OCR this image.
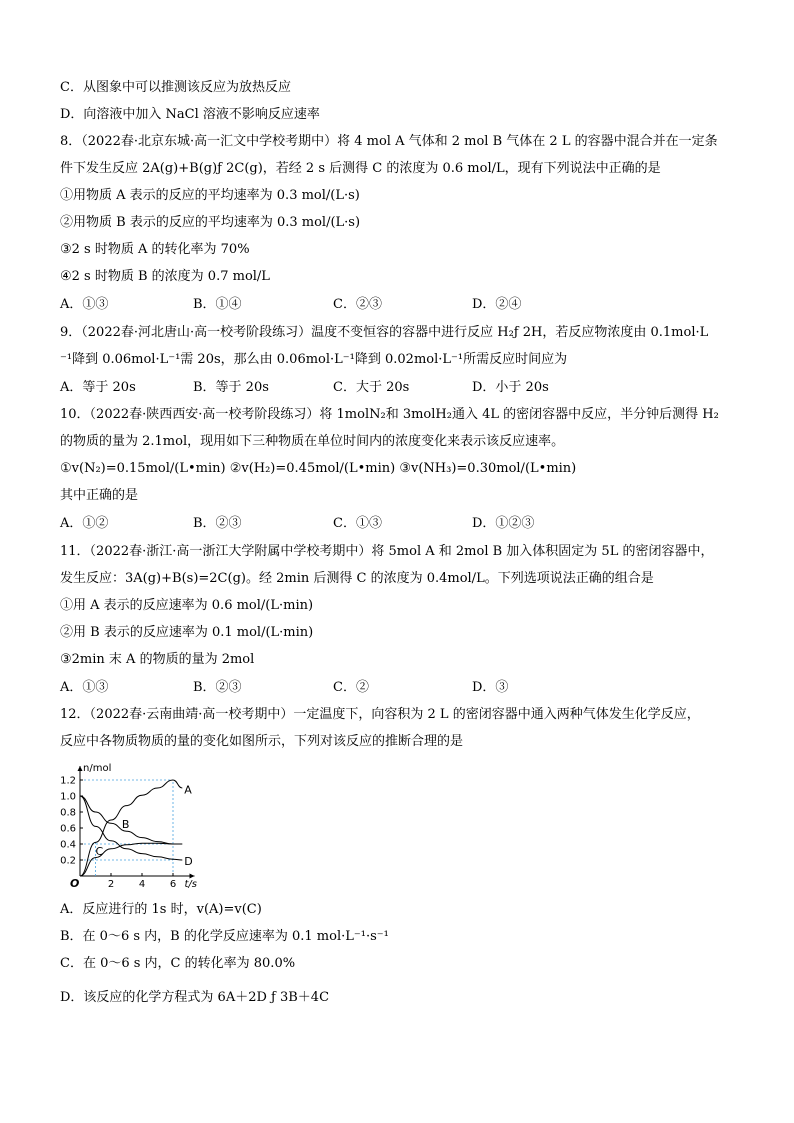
C．从图象中可以推测该反应为放热反应
D．向溶液中加入 NaCl 溶液不影响反应速率
8．（2022春·北京东城·高一汇文中学校考期中）将 4 mol A 气体和 2 mol B 气体在 2 L 的容器中混合并在一定条
件下发生反应 2A(g)+B(g)ƒ 2C(g)，若经 2 s 后测得 C 的浓度为 0.6 mol/L，现有下列说法中正确的是
①用物质 A 表示的反应的平均速率为 0.3 mol/(L·s)
②用物质 B 表示的反应的平均速率为 0.3 mol/(L·s)
③2 s 时物质 A 的转化率为 70%
④2 s 时物质 B 的浓度为 0.7 mol/L
9．（2022春·河北唐山·高一校考阶段练习）温度不变恒容的容器中进行反应 H₂ƒ 2H，若反应物浓度由 0.1mol·L
⁻¹降到 0.06mol·L⁻¹需 20s，那么由 0.06mol·L⁻¹降到 0.02mol·L⁻¹所需反应时间应为
10．（2022春·陕西西安·高一校考阶段练习）将 1molN₂和 3molH₂通入 4L 的密闭容器中反应，半分钟后测得 H₂
的物质的量为 2.1mol，现用如下三种物质在单位时间内的浓度变化来表示该反应速率。
①v(N₂)=0.15mol/(L•min) ②v(H₂)=0.45mol/(L•min) ③v(NH₃)=0.30mol/(L•min)
其中正确的是
11．（2022春·浙江·高一浙江大学附属中学校考期中）将 5mol A 和 2mol B 加入体积固定为 5L 的密闭容器中，
发生反应：3A(g)+B(s)=2C(g)。经 2min 后测得 C 的浓度为 0.4mol/L。下列选项说法正确的组合是
①用 A 表示的反应速率为 0.6 mol/(L·min)
②用 B 表示的反应速率为 0.1 mol/(L·min)
③2min 末 A 的物质的量为 2mol
12．（2022春·云南曲靖·高一校考期中）一定温度下，向容积为 2 L 的密闭容器中通入两种气体发生化学反应，
反应中各物质物质的量的变化如图所示，下列对该反应的推断合理的是
A．反应进行的 1s 时，v(A)=v(C)
B．在 0～6 s 内，B 的化学反应速率为 0.1 mol·L⁻¹·s⁻¹
C．在 0～6 s 内，C 的转化率为 80.0%
D．该反应的化学方程式为 6A＋2D ƒ 3B＋4C
A．①③	B．①④	C．②③	D．②④
A．等于 20s	B．等于 20s	C．大于 20s	D．小于 20s
A．①②	B．②③	C．①③	D．①②③
A．①③	B．②③	C．②	D．③
0.2
0.4
0.6
0.8
1.0
1.2
2 4 6
O
n/mol
t/s
A
B
C
D
